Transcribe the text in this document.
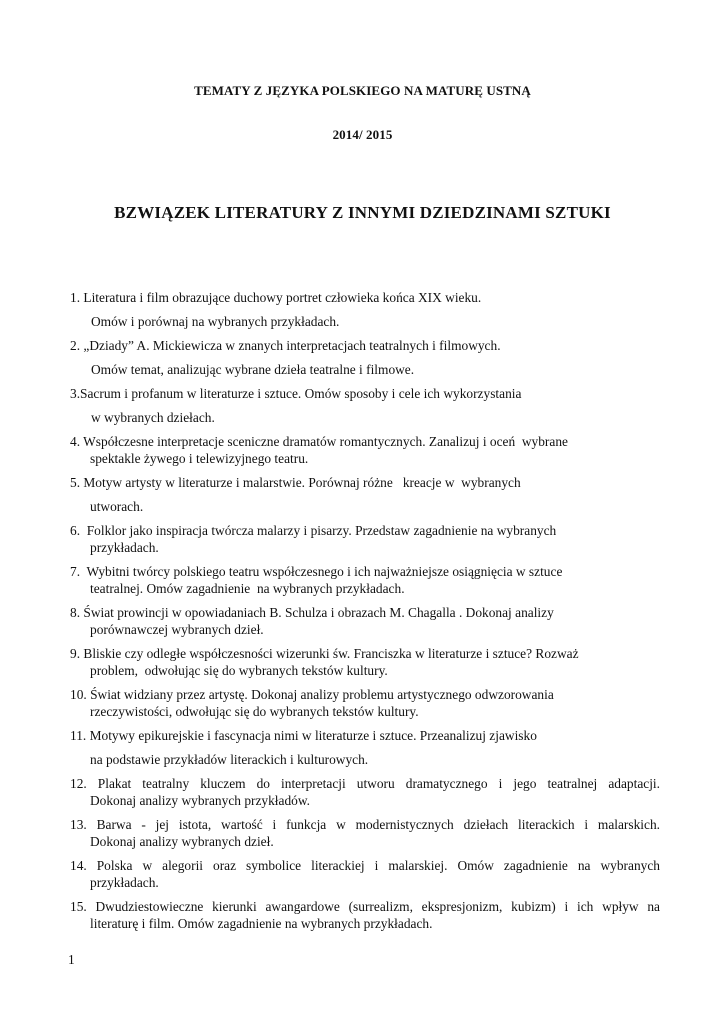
TEMATY Z JĘZYKA POLSKIEGO NA MATURĘ USTNĄ
2014/ 2015
BZWIĄZEK LITERATURY Z INNYMI DZIEDZINAMI SZTUKI
1. Literatura i film obrazujące duchowy portret człowieka końca XIX wieku.
Omów i porównaj na wybranych przykładach.
2. „Dziady” A. Mickiewicza w znanych interpretacjach teatralnych i filmowych.
Omów temat, analizując wybrane dzieła teatralne i filmowe.
3.Sacrum i profanum w literaturze i sztuce. Omów sposoby i cele ich wykorzystania
w wybranych dziełach.
4. Współczesne interpretacje sceniczne dramatów romantycznych. Zanalizuj i oceń  wybrane
spektakle żywego i telewizyjnego teatru.
5. Motyw artysty w literaturze i malarstwie. Porównaj różne   kreacje w  wybranych
utworach.
6.  Folklor jako inspiracja twórcza malarzy i pisarzy. Przedstaw zagadnienie na wybranych
przykładach.
7.  Wybitni twórcy polskiego teatru współczesnego i ich najważniejsze osiągnięcia w sztuce
teatralnej. Omów zagadnienie  na wybranych przykładach.
8. Świat prowincji w opowiadaniach B. Schulza i obrazach M. Chagalla . Dokonaj analizy
porównawczej wybranych dzieł.
9. Bliskie czy odległe współczesności wizerunki św. Franciszka w literaturze i sztuce? Rozważ
problem,  odwołując się do wybranych tekstów kultury.
10. Świat widziany przez artystę. Dokonaj analizy problemu artystycznego odwzorowania
rzeczywistości, odwołując się do wybranych tekstów kultury.
11. Motywy epikurejskie i fascynacja nimi w literaturze i sztuce. Przeanalizuj zjawisko
na podstawie przykładów literackich i kulturowych.
12. Plakat teatralny kluczem do interpretacji utworu dramatycznego i jego teatralnej adaptacji.
Dokonaj analizy wybranych przykładów.
13. Barwa - jej istota, wartość i funkcja w modernistycznych dziełach literackich i malarskich.
Dokonaj analizy wybranych dzieł.
14. Polska w alegorii oraz symbolice literackiej i malarskiej. Omów zagadnienie na wybranych
przykładach.
15. Dwudziestowieczne kierunki awangardowe (surrealizm, ekspresjonizm, kubizm) i ich wpływ na
literaturę i film. Omów zagadnienie na wybranych przykładach.
1
